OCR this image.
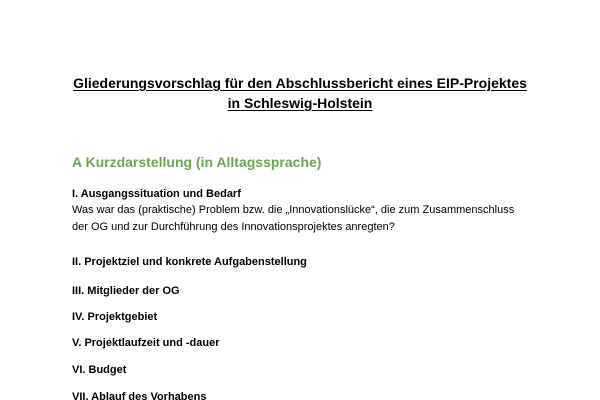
Gliederungsvorschlag für den Abschlussbericht eines EIP-Projektes
in Schleswig-Holstein
A Kurzdarstellung (in Alltagssprache)
I. Ausgangssituation und Bedarf
Was war das (praktische) Problem bzw. die „Innovationslücke“, die zum Zusammenschluss
der OG und zur Durchführung des Innovationsprojektes anregten?
II. Projektziel und konkrete Aufgabenstellung
III. Mitglieder der OG
IV. Projektgebiet
V. Projektlaufzeit und -dauer
VI. Budget
VII. Ablauf des Vorhabens
